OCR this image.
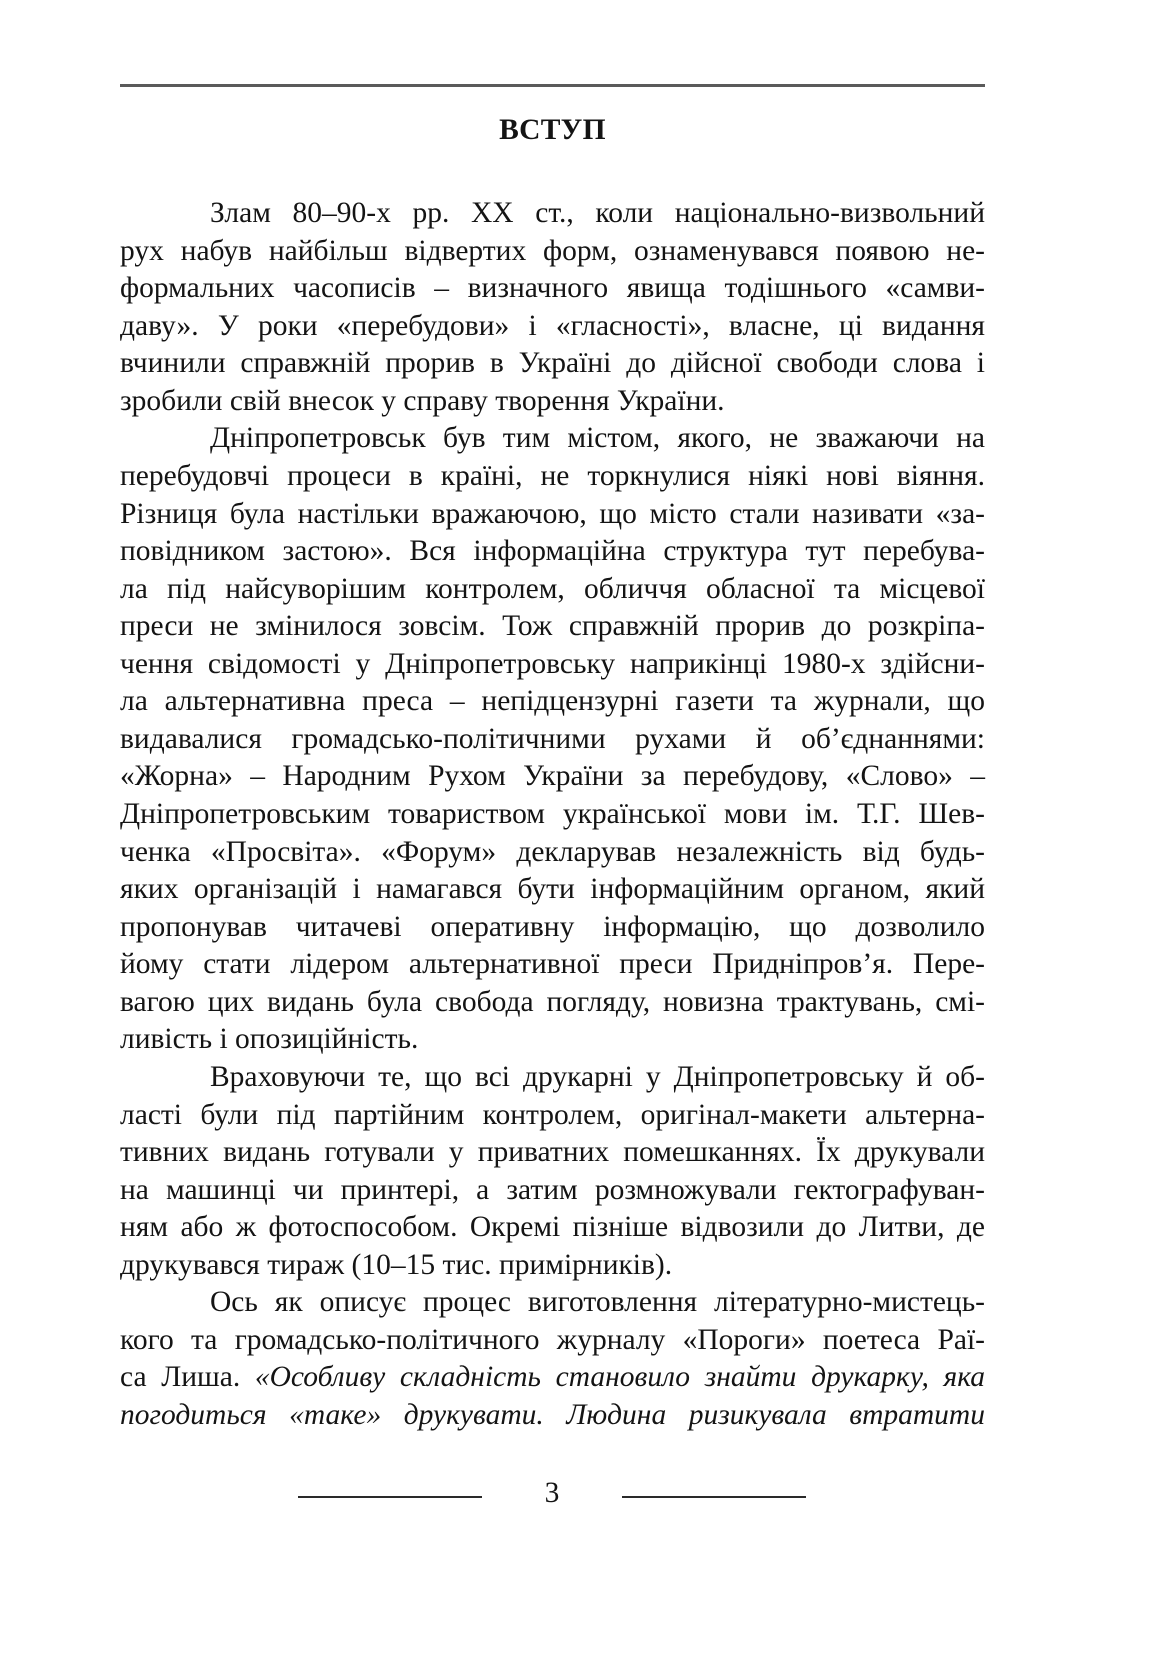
ВСТУП
Злам 80–90-х рр. XX ст., коли національно-визвольний
рух набув найбільш відвертих форм, ознаменувався появою не-
формальних часописів – визначного явища тодішнього «самви-
даву». У роки «перебудови» і «гласності», власне, ці видання
вчинили справжній прорив в Україні до дійсної свободи слова і
зробили свій внесок у справу творення України.
Дніпропетровськ був тим містом, якого, не зважаючи на
перебудовчі процеси в країні, не торкнулися ніякі нові віяння.
Різниця була настільки вражаючою, що місто стали називати «за-
повідником застою». Вся інформаційна структура тут перебува-
ла під найсуворішим контролем, обличчя обласної та місцевої
преси не змінилося зовсім. Тож справжній прорив до розкріпа-
чення свідомості у Дніпропетровську наприкінці 1980-х здійсни-
ла альтернативна преса – непідцензурні газети та журнали, що
видавалися громадсько-політичними рухами й об’єднаннями:
«Жорна» – Народним Рухом України за перебудову, «Слово» –
Дніпропетровським товариством української мови ім. Т.Г. Шев-
ченка «Просвіта». «Форум» декларував незалежність від будь-
яких організацій і намагався бути інформаційним органом, який
пропонував читачеві оперативну інформацію, що дозволило
йому стати лідером альтернативної преси Придніпров’я. Пере-
вагою цих видань була свобода погляду, новизна трактувань, смі-
ливість і опозиційність.
Враховуючи те, що всі друкарні у Дніпропетровську й об-
ласті були під партійним контролем, оригінал-макети альтерна-
тивних видань готували у приватних помешканнях. Їх друкували
на машинці чи принтері, а затим розмножували гектографуван-
ням або ж фотоспособом. Окремі пізніше відвозили до Литви, де
друкувався тираж (10–15 тис. примірників).
Ось як описує процес виготовлення літературно-мистець-
кого та громадсько-політичного журналу «Пороги» поетеса Раї-
са Лиша. «Особливу складність становило знайти друкарку, яка
погодиться «таке» друкувати. Людина ризикувала втратити
3
